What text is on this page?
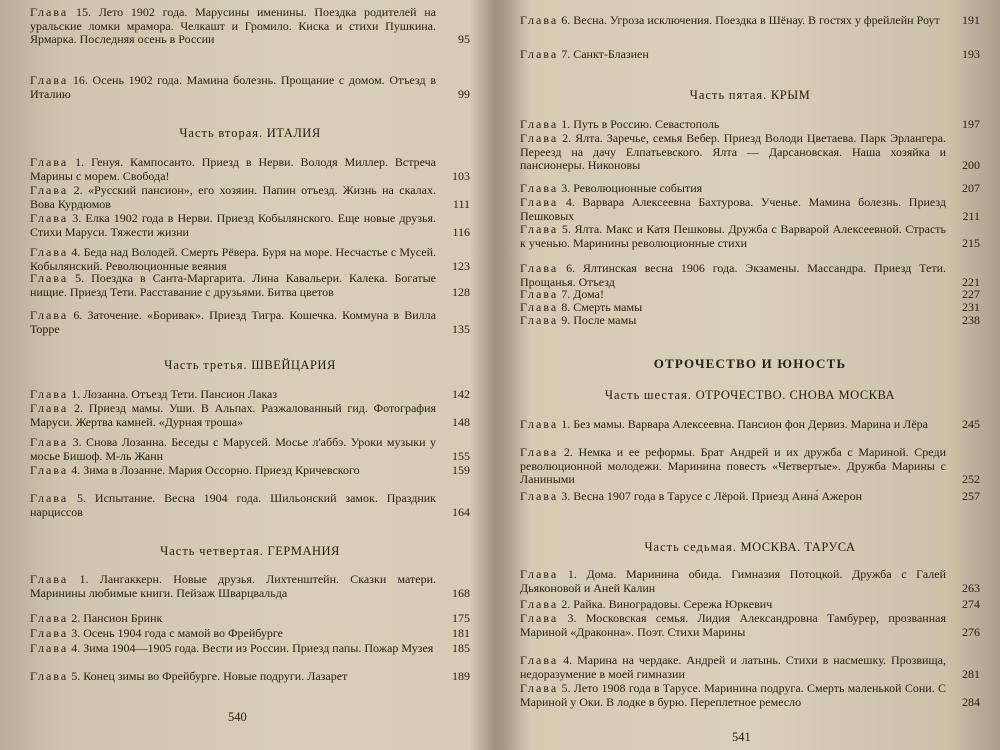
Глава 15. Лето 1902 года. Марусины именины. Поездка родителей на уральские ломки мрамора. Челкашт и Громило. Киска и стихи Пушкина. Ярмарка. Последняя осень в России	95
Глава 16. Осень 1902 года. Мамина болезнь. Прощание с домом. Отъезд в Италию	99
Часть вторая. ИТАЛИЯ
Глава 1. Генуя. Кампосанто. Приезд в Нерви. Володя Миллер. Встреча Марины с морем. Свобода!	103
Глава 2. «Русский пансион», его хозяин. Папин отъезд. Жизнь на скалах. Вова Курдюмов	111
Глава 3. Елка 1902 года в Нерви. Приезд Кобылянского. Еще новые друзья. Стихи Маруси. Тяжести жизни	116
Глава 4. Беда над Володей. Смерть Рёвера. Буря на море. Несчастье с Мусей. Кобылянский. Революционные веяния	123
Глава 5. Поездка в Санта-Маргарита. Лина Кавальери. Калека. Богатые нищие. Приезд Тети. Расставание с друзьями. Битва цветов	128
Глава 6. Заточение. «Боривак». Приезд Тигра. Кошечка. Коммуна в Вилла Торре	135
Часть третья. ШВЕЙЦАРИЯ
Глава 1. Лозанна. Отъезд Тети. Пансион Лаказ	142
Глава 2. Приезд мамы. Уши. В Альпах. Разжалованный гид. Фотография Маруси. Жертва камней. «Дурная троша»	148
Глава 3. Снова Лозанна. Беседы с Марусей. Мосье л'аббэ. Уроки музыки у мосье Бишоф. М-ль Жанн	155
Глава 4. Зима в Лозанне. Мария Оссорно. Приезд Кричевского	159
Глава 5. Испытание. Весна 1904 года. Шильонский замок. Праздник нарциссов	164
Часть четвертая. ГЕРМАНИЯ
Глава 1. Лангаккерн. Новые друзья. Лихтенштейн. Сказки матери. Маринины любимые книги. Пейзаж Шварцвальда	168
Глава 2. Пансион Бринк	175
Глава 3. Осень 1904 года с мамой во Фрейбурге	181
Глава 4. Зима 1904—1905 года. Вести из России. Приезд папы. Пожар Музея	185
Глава 5. Конец зимы во Фрейбурге. Новые подруги. Лазарет	189
540
Глава 6. Весна. Угроза исключения. Поездка в Шёнау. В гостях у фрейлейн Роут	191
Глава 7. Санкт-Блазиен	193
Часть пятая. КРЫМ
Глава 1. Путь в Россию. Севастополь	197
Глава 2. Ялта. Заречье, семья Вебер. Приезд Володи Цветаева. Парк Эрлангера. Переезд на дачу Елпатьевского. Ялта — Дарсановская. Наша хозяйка и пансионеры. Никоновы	200
Глава 3. Революционные события	207
Глава 4. Варвара Алексеевна Бахтурова. Ученье. Мамина болезнь. Приезд Пешковых	211
Глава 5. Ялта. Макс и Катя Пешковы. Дружба с Варварой Алексеевной. Страсть к ученью. Маринины революционные стихи	215
Глава 6. Ялтинская весна 1906 года. Экзамены. Массандра. Приезд Тети. Прощанья. Отъезд	221
Глава 7. Дома!	227
Глава 8. Смерть мамы	231
Глава 9. После мамы	238
ОТРОЧЕСТВО И ЮНОСТЬ
Часть шестая. ОТРОЧЕСТВО. СНОВА МОСКВА
Глава 1. Без мамы. Варвара Алексеевна. Пансион фон Дервиз. Марина и Лёра	245
Глава 2. Немка и ее реформы. Брат Андрей и их дружба с Мариной. Среди революционной молодежи. Маринина повесть «Четвертые». Дружба Марины с Ланиными	252
Глава 3. Весна 1907 года в Тарусе с Лёрой. Приезд Анна́ Ажерон	257
Часть седьмая. МОСКВА. ТАРУСА
Глава 1. Дома. Маринина обида. Гимназия Потоцкой. Дружба с Галей Дьяконовой и Аней Калин	263
Глава 2. Райка. Виноградовы. Сережа Юркевич	274
Глава 3. Московская семья. Лидия Александровна Тамбурер, прозванная Мариной «Драконна». Поэт. Стихи Марины	276
Глава 4. Марина на чердаке. Андрей и латынь. Стихи в насмешку. Прозвища, недоразумение в моей гимназии	281
Глава 5. Лето 1908 года в Тарусе. Маринина подруга. Смерть маленькой Сони. С Мариной у Оки. В лодке в бурю. Переплетное ремесло	284
541
